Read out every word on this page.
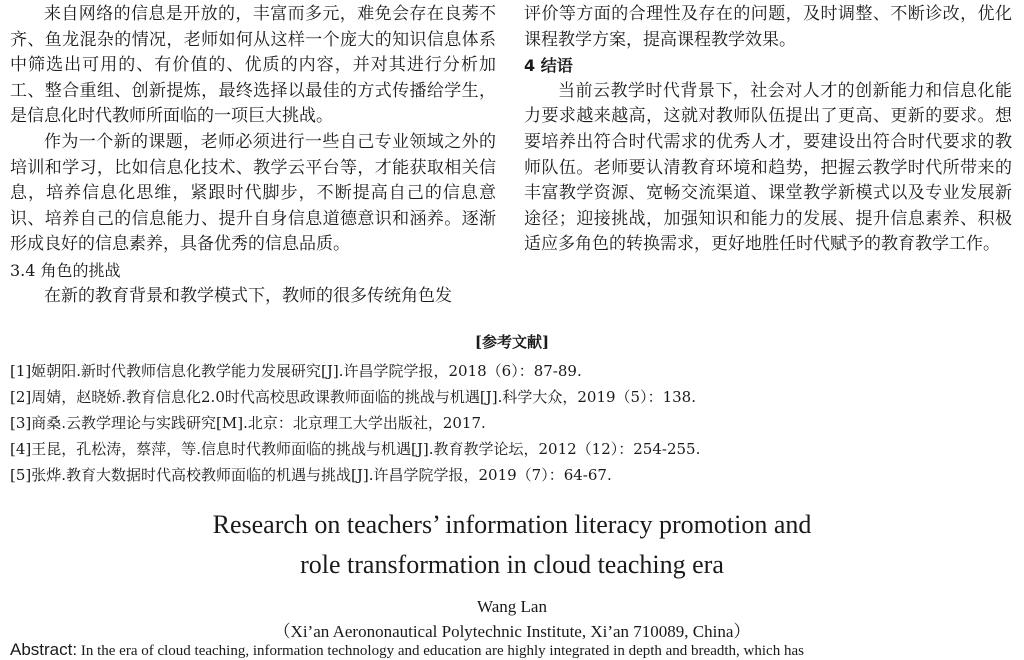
来自网络的信息是开放的，丰富而多元，难免会存在良莠不齐、鱼龙混杂的情况，老师如何从这样一个庞大的知识信息体系中筛选出可用的、有价值的、优质的内容，并对其进行分析加工、整合重组、创新提炼，最终选择以最佳的方式传播给学生，是信息化时代教师所面临的一项巨大挑战。

作为一个新的课题，老师必须进行一些自己专业领域之外的培训和学习，比如信息化技术、教学云平台等，才能获取相关信息，培养信息化思维，紧跟时代脚步，不断提高自己的信息意识、培养自己的信息能力、提升自身信息道德意识和涵养。逐渐形成良好的信息素养，具备优秀的信息品质。

3.4 角色的挑战

在新的教育背景和教学模式下，教师的很多传统角色发

评价等方面的合理性及存在的问题，及时调整、不断诊改，优化课程教学方案，提高课程教学效果。

4 结语

当前云教学时代背景下，社会对人才的创新能力和信息化能力要求越来越高，这就对教师队伍提出了更高、更新的要求。想要培养出符合时代需求的优秀人才，要建设出符合时代要求的教师队伍。老师要认清教育环境和趋势，把握云教学时代所带来的丰富教学资源、宽畅交流渠道、课堂教学新模式以及专业发展新途径；迎接挑战，加强知识和能力的发展、提升信息素养、积极适应多角色的转换需求，更好地胜任时代赋予的教育教学工作。

[参考文献]
[1]姬朝阳.新时代教师信息化教学能力发展研究[J].许昌学院学报，2018（6）：87-89.
[2]周婧，赵晓娇.教育信息化2.0时代高校思政课教师面临的挑战与机遇[J].科学大众，2019（5）：138.
[3]商桑.云教学理论与实践研究[M].北京：北京理工大学出版社，2017.
[4]王昆，孔松涛，蔡萍，等.信息时代教师面临的挑战与机遇[J].教育教学论坛，2012（12）：254-255.
[5]张烨.教育大数据时代高校教师面临的机遇与挑战[J].许昌学院学报，2019（7）：64-67.
Research on teachers’ information literacy promotion and
role transformation in cloud teaching era
Wang Lan
（Xi’an Aerononautical Polytechnic Institute, Xi’an 710089, China）
Abstract: In the era of cloud teaching, information technology and education are highly integrated in depth and breadth, which has
